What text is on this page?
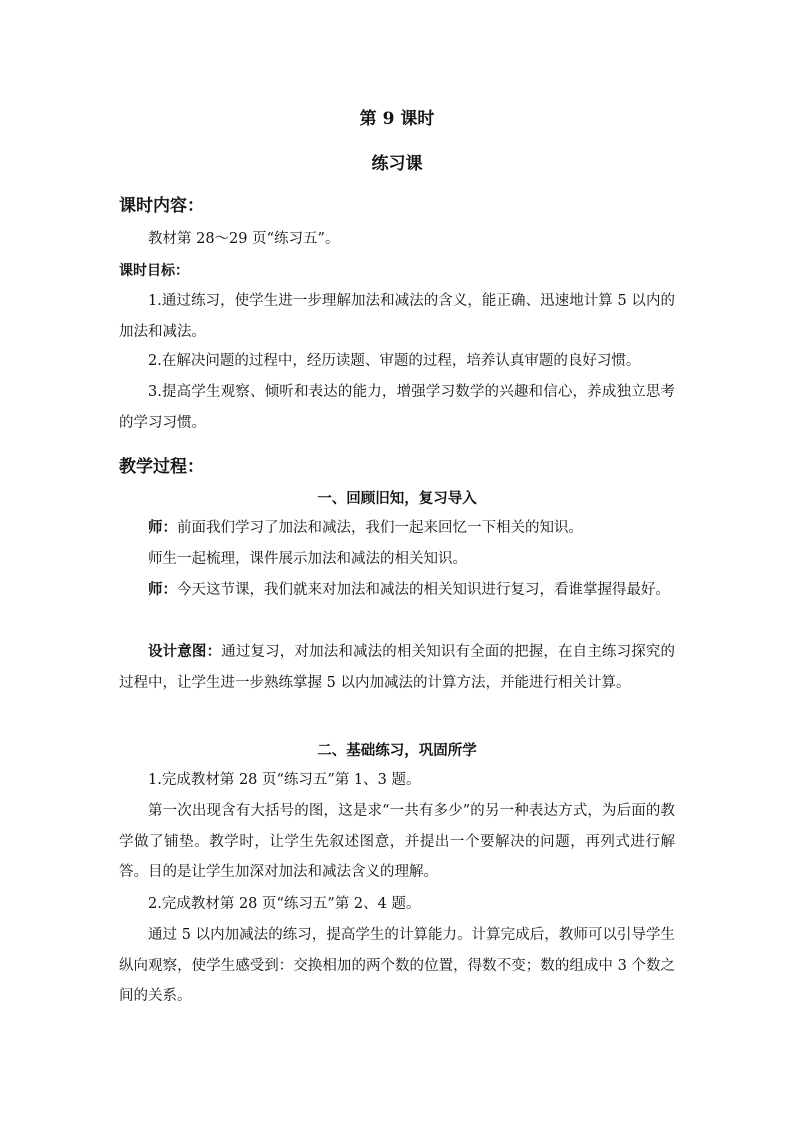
第 9 课时
练习课
课时内容：
教材第 28～29 页“练习五”。
课时目标：
1.通过练习，使学生进一步理解加法和减法的含义，能正确、迅速地计算 5 以内的加法和减法。
2.在解决问题的过程中，经历读题、审题的过程，培养认真审题的良好习惯。
3.提高学生观察、倾听和表达的能力，增强学习数学的兴趣和信心，养成独立思考的学习习惯。
教学过程：
一、回顾旧知，复习导入
师：前面我们学习了加法和减法，我们一起来回忆一下相关的知识。
师生一起梳理，课件展示加法和减法的相关知识。
师：今天这节课，我们就来对加法和减法的相关知识进行复习，看谁掌握得最好。
设计意图：通过复习，对加法和减法的相关知识有全面的把握，在自主练习探究的过程中，让学生进一步熟练掌握 5 以内加减法的计算方法，并能进行相关计算。
二、基础练习，巩固所学
1.完成教材第 28 页“练习五”第 1、3 题。
第一次出现含有大括号的图，这是求“一共有多少”的另一种表达方式，为后面的教学做了铺垫。教学时，让学生先叙述图意，并提出一个要解决的问题，再列式进行解答。目的是让学生加深对加法和减法含义的理解。
2.完成教材第 28 页“练习五”第 2、4 题。
通过 5 以内加减法的练习，提高学生的计算能力。计算完成后，教师可以引导学生纵向观察，使学生感受到：交换相加的两个数的位置，得数不变；数的组成中 3 个数之间的关系。
